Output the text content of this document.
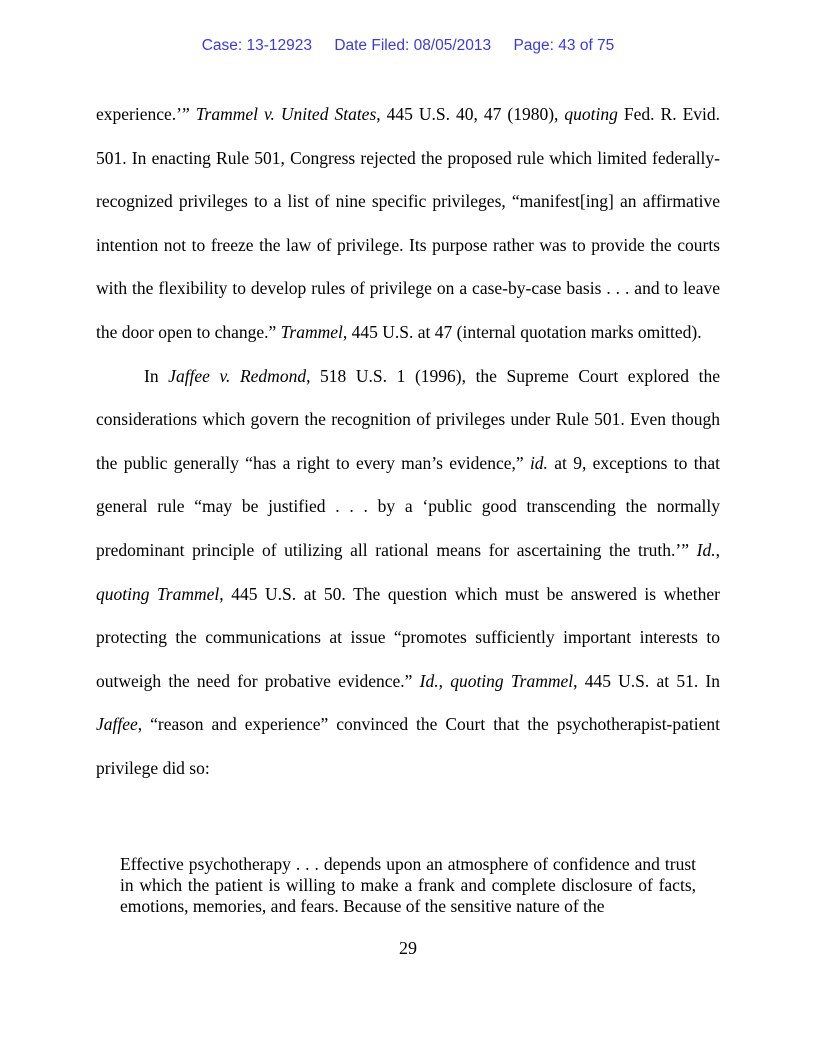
Case: 13-12923 Date Filed: 08/05/2013 Page: 43 of 75

experience.’” Trammel v. United States, 445 U.S. 40, 47 (1980), quoting Fed. R. Evid. 501. In enacting Rule 501, Congress rejected the proposed rule which limited federally-recognized privileges to a list of nine specific privileges, “manifest[ing] an affirmative intention not to freeze the law of privilege. Its purpose rather was to provide the courts with the flexibility to develop rules of privilege on a case-by-case basis . . . and to leave the door open to change.” Trammel, 445 U.S. at 47 (internal quotation marks omitted).

In Jaffee v. Redmond, 518 U.S. 1 (1996), the Supreme Court explored the considerations which govern the recognition of privileges under Rule 501. Even though the public generally “has a right to every man’s evidence,” id. at 9, exceptions to that general rule “may be justified . . . by a ‘public good transcending the normally predominant principle of utilizing all rational means for ascertaining the truth.’” Id., quoting Trammel, 445 U.S. at 50. The question which must be answered is whether protecting the communications at issue “promotes sufficiently important interests to outweigh the need for probative evidence.” Id., quoting Trammel, 445 U.S. at 51. In Jaffee, “reason and experience” convinced the Court that the psychotherapist-patient privilege did so:

Effective psychotherapy . . . depends upon an atmosphere of confidence and trust in which the patient is willing to make a frank and complete disclosure of facts, emotions, memories, and fears. Because of the sensitive nature of the

29
